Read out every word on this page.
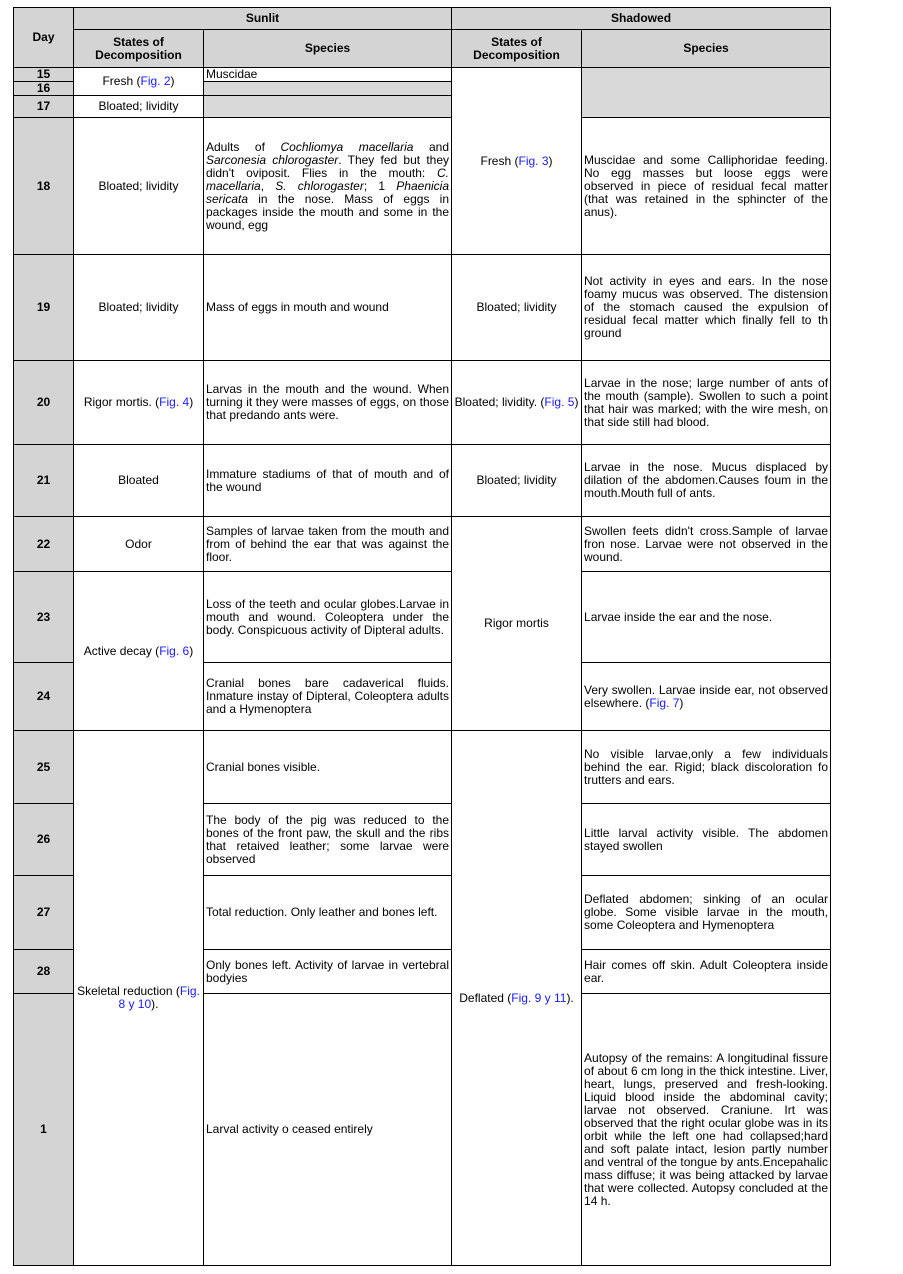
Day	Sunlit		Shadowed	
	States of Decomposition	Species	States of Decomposition	Species
15	Fresh (Fig. 2)	Muscidae	Fresh (Fig. 3)	
16				
17	Bloated; lividity			
18	Bloated; lividity	Adults of Cochliomya macellaria and Sarconesia chlorogaster. They fed but they didn't oviposit. Flies in the mouth: C. macellaria, S. chlorogaster; 1 Phaenicia sericata in the nose. Mass of eggs in packages inside the mouth and some in the wound, egg		Muscidae and some Calliphoridae feeding. No egg masses but loose eggs were observed in piece of residual fecal matter (that was retained in the sphincter of the anus).
19	Bloated; lividity	Mass of eggs in mouth and wound	Bloated; lividity	Not activity in eyes and ears. In the nose foamy mucus was observed. The distension of the stomach caused the expulsion of residual fecal matter which finally fell to th ground
20	Rigor mortis. (Fig. 4)	Larvas in the mouth and the wound. When turning it they were masses of eggs, on those that predando ants were.	Bloated; lividity. (Fig. 5)	Larvae in the nose; large number of ants of the mouth (sample). Swollen to such a point that hair was marked; with the wire mesh, on that side still had blood.
21	Bloated	Immature stadiums of that of mouth and of the wound	Bloated; lividity	Larvae in the nose. Mucus displaced by dilation of the abdomen.Causes foum in the mouth.Mouth full of ants.
22	Odor	Samples of larvae taken from the mouth and from of behind the ear that was against the floor.	Rigor mortis	Swollen feets didn't cross.Sample of larvae fron nose. Larvae were not observed in the wound.
23	Active decay (Fig. 6)	Loss of the teeth and ocular globes.Larvae in mouth and wound. Coleoptera under the body. Conspicuous activity of Dipteral adults.		Larvae inside the ear and the nose.
24		Cranial bones bare cadaverical fluids. Inmature instay of Dipteral, Coleoptera adults and a Hymenoptera		Very swollen. Larvae inside ear, not observed elsewhere. (Fig. 7)
25	Skeletal reduction (Fig. 8 y 10).	Cranial bones visible.	Deflated (Fig. 9 y 11).	No visible larvae,only a few individuals behind the ear. Rigid; black discoloration fo trutters and ears.
26		The body of the pig was reduced to the bones of the front paw, the skull and the ribs that retaived leather; some larvae were observed		Little larval activity visible. The abdomen stayed swollen
27		Total reduction. Only leather and bones left.		Deflated abdomen; sinking of an ocular globe. Some visible larvae in the mouth, some Coleoptera and Hymenoptera
28		Only bones left. Activity of larvae in vertebral bodyies		Hair comes off skin. Adult Coleoptera inside ear.
1		Larval activity o ceased entirely		Autopsy of the remains: A longitudinal fissure of about 6 cm long in the thick intestine. Liver, heart, lungs, preserved and fresh-looking. Liquid blood inside the abdominal cavity; larvae not observed. Craniune. Irt was observed that the right ocular globe was in its orbit while the left one had collapsed;hard and soft palate intact, lesion partly number and ventral of the tongue by ants.Encepahalic mass diffuse; it was being attacked by larvae that were collected. Autopsy concluded at the 14 h.
